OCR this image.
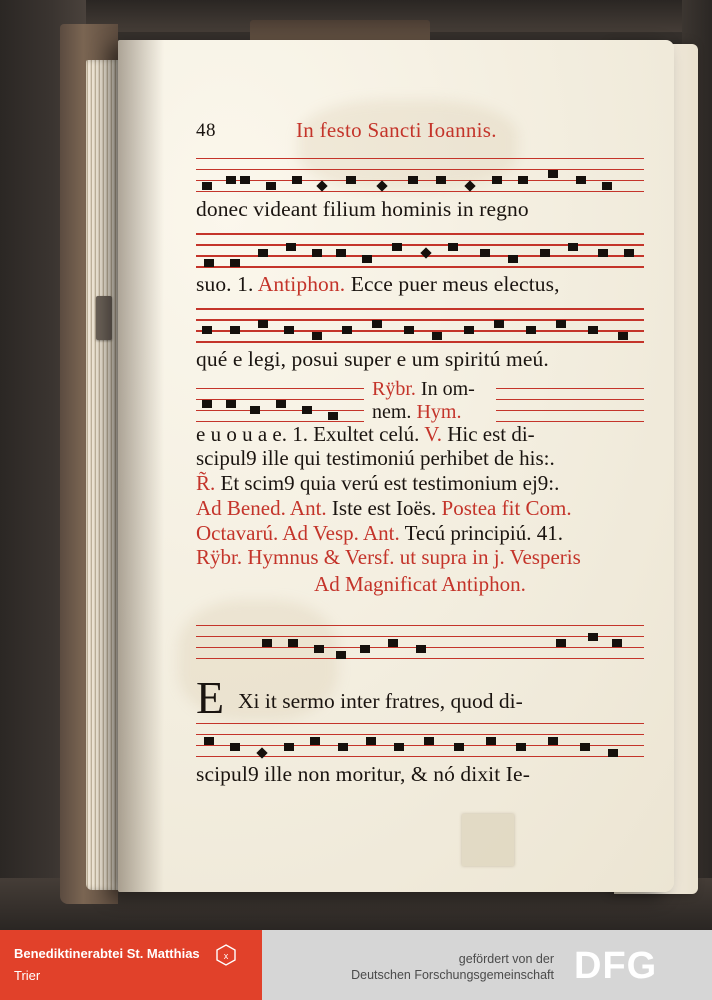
48	In festo Sancti Ioannis.
donec videant filium hominis in regno
suo. 1. Antiphon. Ecce puer meus electus,
qué e legi, posui super e um spiritú meú.
Rÿbr. In om-
nem. Hym.
e u o u a e. 1. Exultet celú. V. Hic est di-
scipul9 ille qui testimoniú perhibet de his:.
R̃. Et scim9 quia verú est testimonium ej9:.
Ad Bened. Ant. Iste est Ioës. Postea fit Com.
Octavarú. Ad Vesp. Ant. Tecú principiú. 41.
Rÿbr. Hymnus & Versf. ut supra in j. Vesperis
Ad Magnificat Antiphon.
E Xi it sermo inter fratres, quod di-
scipul9 ille non moritur, & nó dixit Ie-
Benediktinerabtei St. Matthias
Trier
x	gefördert von der
Deutschen Forschungsgemeinschaft DFG
